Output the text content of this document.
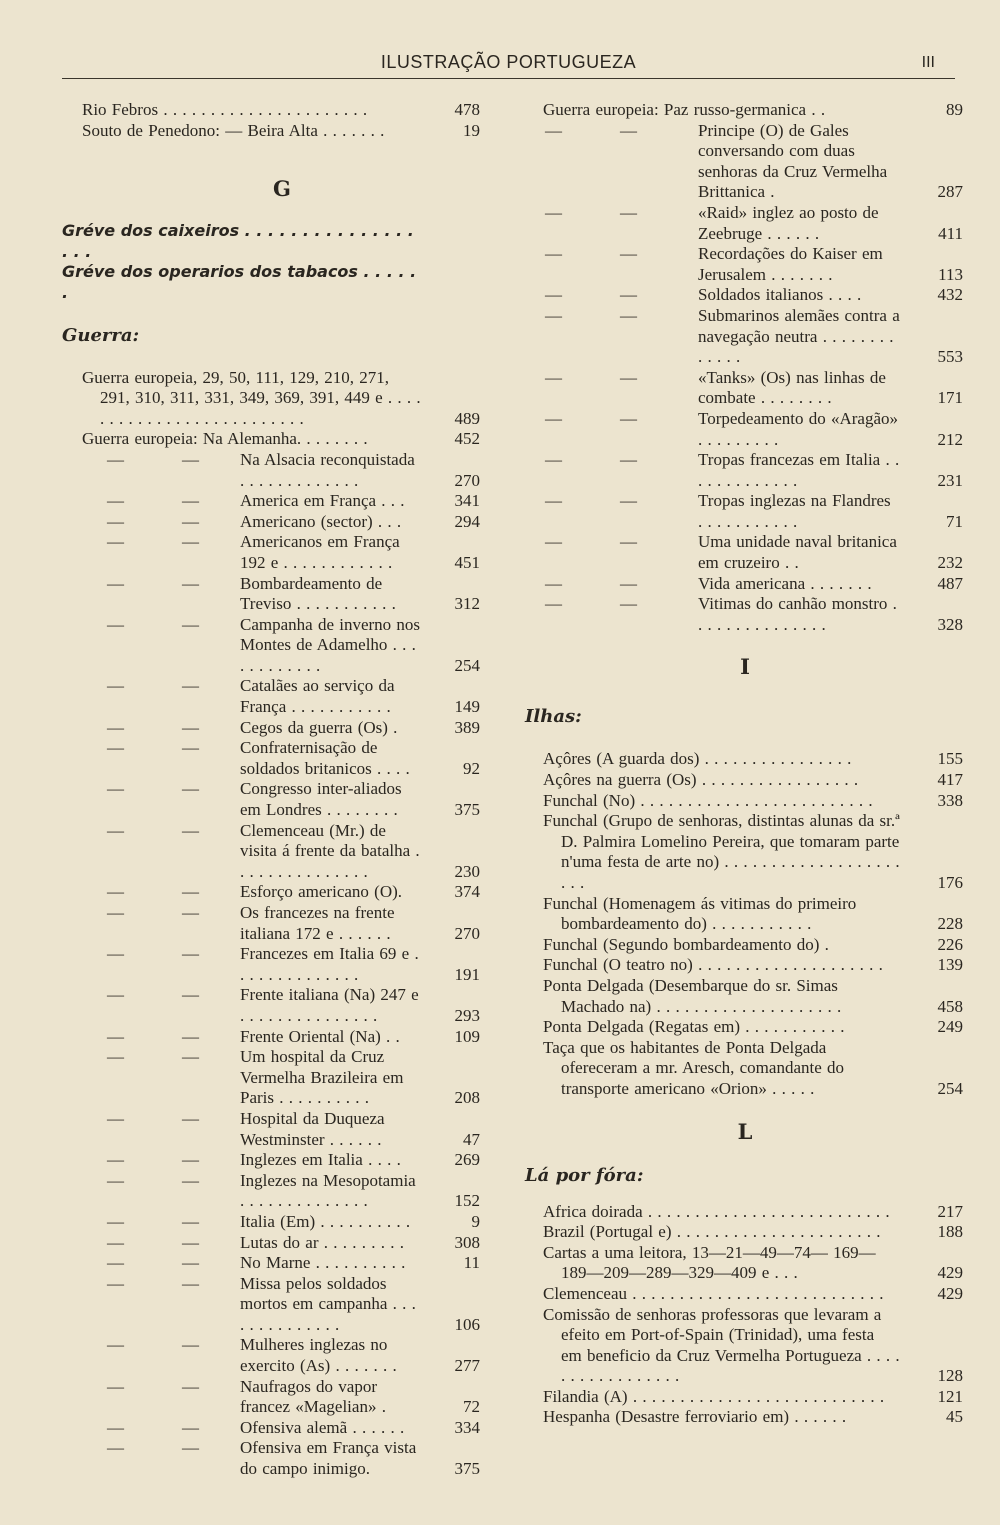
ILUSTRAÇÃO PORTUGUEZA	III
Rio Febros . . . . . . . . . . . . . . . . . . . . . .	478
Souto de Penedono: — Beira Alta . . . . . . .	19
G
Gréve dos caixeiros . . . . . . . . . . . . . . . . . .
Gréve dos operarios dos tabacos . . . . . .
Guerra:
Guerra europeia, 29, 50, 111, 129, 210, 271, 291, 310, 311, 331, 349, 369, 391, 449 e . . . . . . . . . . . . . . . . . . . . . . . . . .	489
Guerra europeia: Na Alemanha. . . . . . . .	452
—	— Na Alsacia reconquistada . . . . . . . . . . . . .	270
—	— America em França . . .	341
—	— Americano (sector) . . .	294
—	— Americanos em França 192 e . . . . . . . . . . . .	451
—	— Bombardeamento de Treviso . . . . . . . . . . .	312
—	— Campanha de inverno nos Montes de Adamelho . . . . . . . . . . . .	254
—	— Catalães ao serviço da França . . . . . . . . . . .	149
—	— Cegos da guerra (Os) .	389
—	— Confraternisação de soldados britanicos . . . .	92
—	— Congresso inter-aliados em Londres . . . . . . . .	375
—	— Clemenceau (Mr.) de visita á frente da batalha . . . . . . . . . . . . . . .	230
—	— Esforço americano (O).	374
—	— Os francezes na frente italiana 172 e . . . . . .	270
—	— Francezes em Italia 69 e . . . . . . . . . . . . . .	191
—	— Frente italiana (Na) 247 e . . . . . . . . . . . . . . .	293
—	— Frente Oriental (Na) . .	109
—	— Um hospital da Cruz Vermelha Brazileira em Paris . . . . . . . . . .	208
—	— Hospital da Duqueza Westminster . . . . . .	47
—	— Inglezes em Italia . . . .	269
—	— Inglezes na Mesopotamia . . . . . . . . . . . . . .	152
—	— Italia (Em) . . . . . . . . . .	9
—	— Lutas do ar . . . . . . . . .	308
—	— No Marne . . . . . . . . . .	11
—	— Missa pelos soldados mortos em campanha . . . . . . . . . . . . . .	106
—	— Mulheres inglezas no exercito (As) . . . . . . .	277
—	— Naufragos do vapor francez «Magelian» .	72
—	— Ofensiva alemã . . . . . .	334
—	— Ofensiva em França vista do campo inimigo.	375
Guerra europeia: Paz russo-germanica . .	89
—	—	Principe (O) de Gales conversando com duas senhoras da Cruz Vermelha Brittanica .	287
—	—	«Raid» inglez ao posto de Zeebruge . . . . . .	411
—	—	Recordações do Kaiser em Jerusalem . . . . . . .	113
—	—	Soldados italianos . . . .	432
—	—	Submarinos alemães contra a navegação neutra . . . . . . . . . . . . .	553
—	—	«Tanks» (Os) nas linhas de combate . . . . . . . .	171
—	—	Torpedeamento do «Aragão» . . . . . . . . .	212
—	—	Tropas francezas em Italia . . . . . . . . . . . . .	231
—	—	Tropas inglezas na Flandres . . . . . . . . . . .	71
—	—	Uma unidade naval britanica em cruzeiro . .	232
—	—	Vida americana . . . . . . .	487
—	—	Vitimas do canhão monstro . . . . . . . . . . . . . . .	328
I
Ilhas:
Açôres (A guarda dos) . . . . . . . . . . . . . . . .	155
Açôres na guerra (Os) . . . . . . . . . . . . . . . . .	417
Funchal (No) . . . . . . . . . . . . . . . . . . . . . . . . .	338
Funchal (Grupo de senhoras, distintas alunas da sr.ª D. Palmira Lomelino Pereira, que tomaram parte n'uma festa de arte no) . . . . . . . . . . . . . . . . . . . . . .	176
Funchal (Homenagem ás vitimas do primeiro bombardeamento do) . . . . . . . . . . .	228
Funchal (Segundo bombardeamento do) .	226
Funchal (O teatro no) . . . . . . . . . . . . . . . . . . . .	139
Ponta Delgada (Desembarque do sr. Simas Machado na) . . . . . . . . . . . . . . . . . . . .	458
Ponta Delgada (Regatas em) . . . . . . . . . . .	249
Taça que os habitantes de Ponta Delgada ofereceram a mr. Aresch, comandante do transporte americano «Orion» . . . . .	254
L
Lá por fóra:
Africa doirada . . . . . . . . . . . . . . . . . . . . . . . . . .	217
Brazil (Portugal e) . . . . . . . . . . . . . . . . . . . . . .	188
Cartas a uma leitora, 13—21—49—74— 169—189—209—289—329—409 e . . .	429
Clemenceau . . . . . . . . . . . . . . . . . . . . . . . . . . .	429
Comissão de senhoras professoras que levaram a efeito em Port-of-Spain (Trinidad), uma festa em beneficio da Cruz Vermelha Portugueza . . . . . . . . . . . . . . . . .	128
Filandia (A) . . . . . . . . . . . . . . . . . . . . . . . . . . .	121
Hespanha (Desastre ferroviario em) . . . . . .	45
